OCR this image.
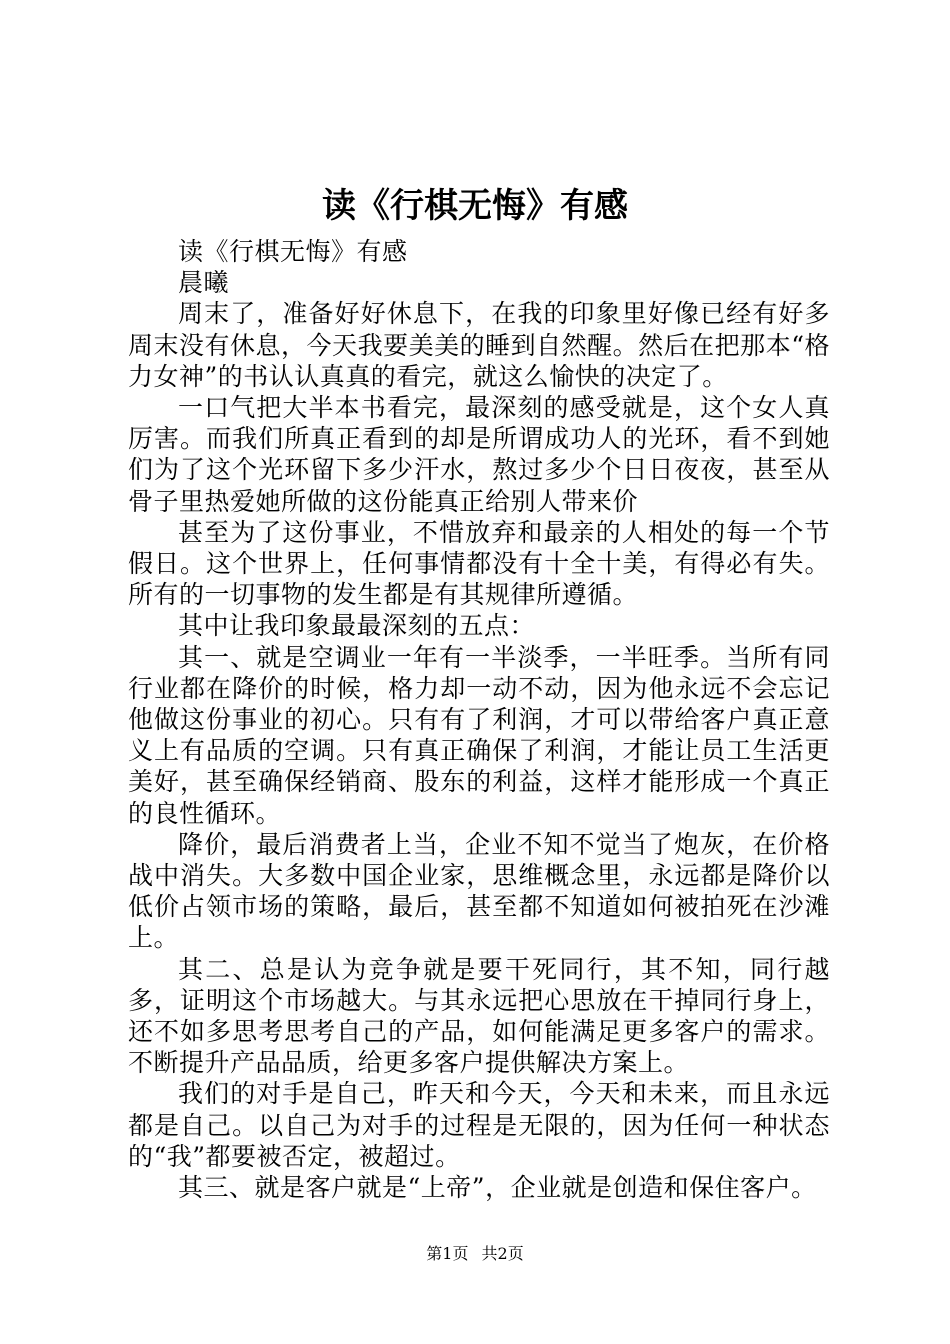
读《行棋无悔》有感

读《行棋无悔》有感

晨曦

周末了，准备好好休息下，在我的印象里好像已经有好多周末没有休息，今天我要美美的睡到自然醒。然后在把那本“格力女神”的书认认真真的看完，就这么愉快的决定了。

一口气把大半本书看完，最深刻的感受就是，这个女人真厉害。而我们所真正看到的却是所谓成功人的光环，看不到她们为了这个光环留下多少汗水，熬过多少个日日夜夜，甚至从骨子里热爱她所做的这份能真正给别人带来价

甚至为了这份事业，不惜放弃和最亲的人相处的每一个节假日。这个世界上，任何事情都没有十全十美，有得必有失。所有的一切事物的发生都是有其规律所遵循。

其中让我印象最最深刻的五点：

其一、就是空调业一年有一半淡季，一半旺季。当所有同行业都在降价的时候，格力却一动不动，因为他永远不会忘记他做这份事业的初心。只有有了利润，才可以带给客户真正意义上有品质的空调。只有真正确保了利润，才能让员工生活更美好，甚至确保经销商、股东的利益，这样才能形成一个真正的良性循环。

降价，最后消费者上当，企业不知不觉当了炮灰，在价格战中消失。大多数中国企业家，思维概念里，永远都是降价以低价占领市场的策略，最后，甚至都不知道如何被拍死在沙滩上。

其二、总是认为竞争就是要干死同行，其不知，同行越多，证明这个市场越大。与其永远把心思放在干掉同行身上，还不如多思考思考自己的产品，如何能满足更多客户的需求。不断提升产品品质，给更多客户提供解决方案上。

我们的对手是自己，昨天和今天，今天和未来，而且永远都是自己。以自己为对手的过程是无限的，因为任何一种状态的“我”都要被否定，被超过。

其三、就是客户就是“上帝”，企业就是创造和保住客户。

第1页 共2页
